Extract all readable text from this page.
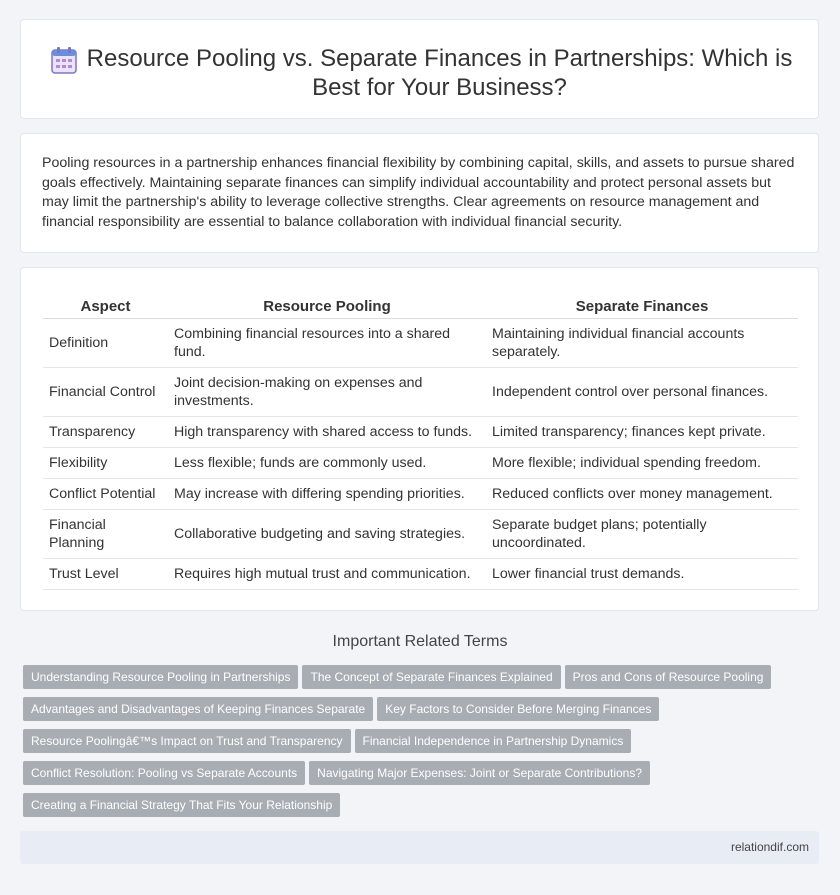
Resource Pooling vs. Separate Finances in Partnerships: Which is Best for Your Business?

Pooling resources in a partnership enhances financial flexibility by combining capital, skills, and assets to pursue shared goals effectively. Maintaining separate finances can simplify individual accountability and protect personal assets but may limit the partnership's ability to leverage collective strengths. Clear agreements on resource management and financial responsibility are essential to balance collaboration with individual financial security.

Aspect	Resource Pooling	Separate Finances
Definition	Combining financial resources into a shared fund.	Maintaining individual financial accounts separately.
Financial Control	Joint decision-making on expenses and investments.	Independent control over personal finances.
Transparency	High transparency with shared access to funds.	Limited transparency; finances kept private.
Flexibility	Less flexible; funds are commonly used.	More flexible; individual spending freedom.
Conflict Potential	May increase with differing spending priorities.	Reduced conflicts over money management.
Financial Planning	Collaborative budgeting and saving strategies.	Separate budget plans; potentially uncoordinated.
Trust Level	Requires high mutual trust and communication.	Lower financial trust demands.
Important Related Terms
Understanding Resource Pooling in Partnerships The Concept of Separate Finances Explained Pros and Cons of Resource Pooling
Advantages and Disadvantages of Keeping Finances Separate Key Factors to Consider Before Merging Finances
Resource Poolingâ€™s Impact on Trust and Transparency Financial Independence in Partnership Dynamics
Conflict Resolution: Pooling vs Separate Accounts Navigating Major Expenses: Joint or Separate Contributions?
Creating a Financial Strategy That Fits Your Relationship
relationdif.com
